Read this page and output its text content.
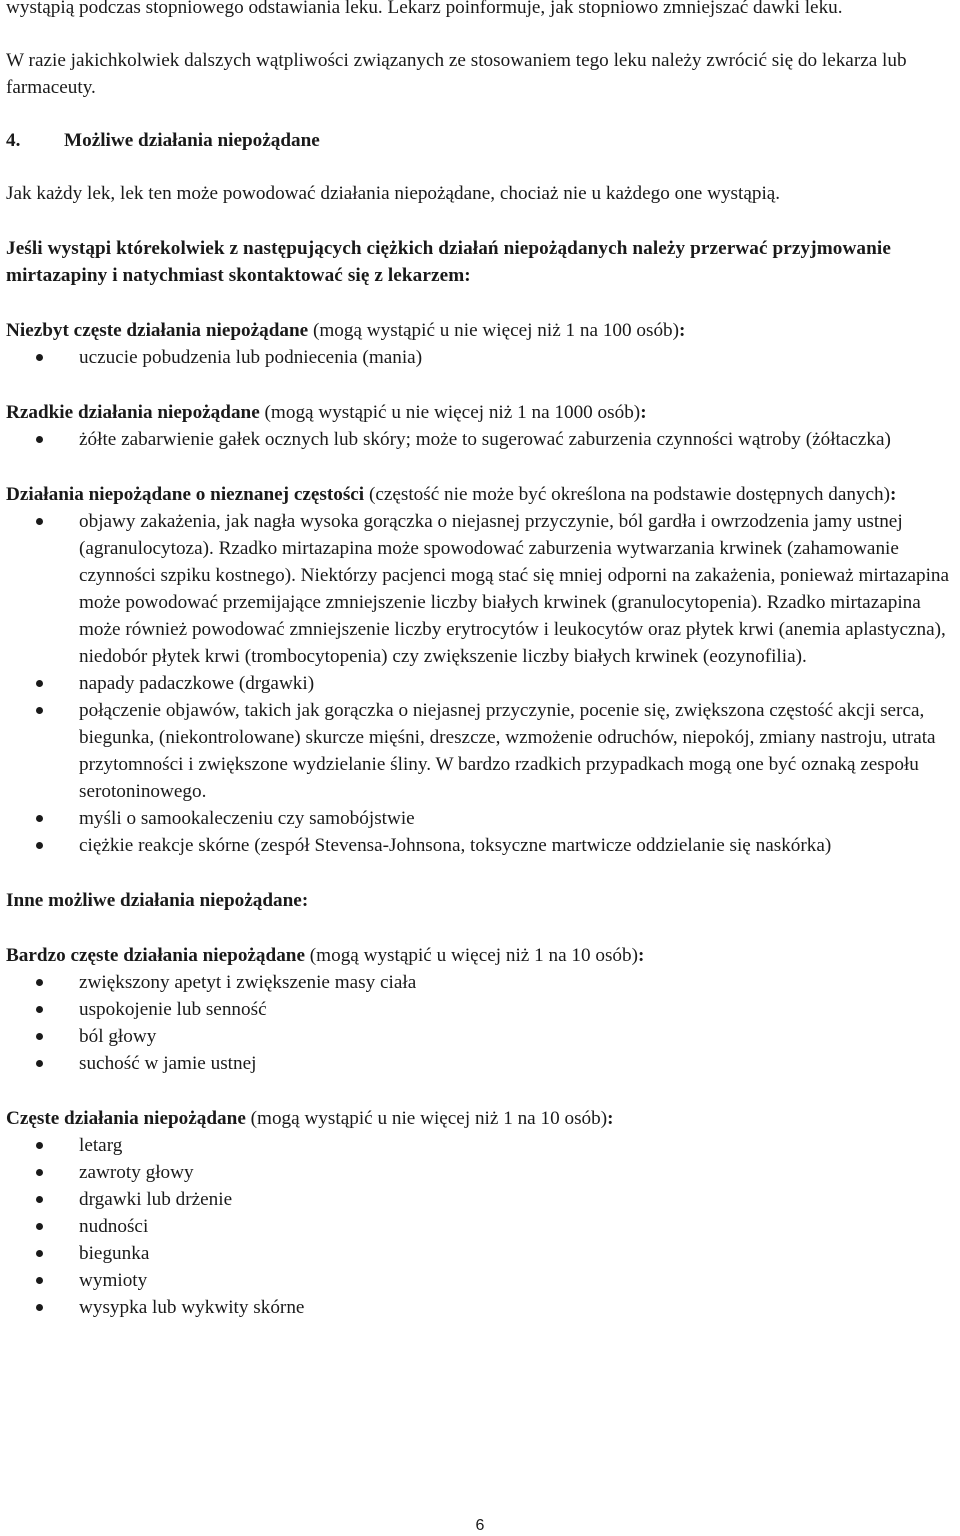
wystąpią podczas stopniowego odstawiania leku. Lekarz poinformuje, jak stopniowo zmniejszać dawki leku.

W razie jakichkolwiek dalszych wątpliwości związanych ze stosowaniem tego leku należy zwrócić się do lekarza lub farmaceuty.

4. Możliwe działania niepożądane

Jak każdy lek, lek ten może powodować działania niepożądane, chociaż nie u każdego one wystąpią.

Jeśli wystąpi którekolwiek z następujących ciężkich działań niepożądanych należy przerwać przyjmowanie mirtazapiny i natychmiast skontaktować się z lekarzem:

Niezbyt częste działania niepożądane (mogą wystąpić u nie więcej niż 1 na 100 osób):

uczucie pobudzenia lub podniecenia (mania)

Rzadkie działania niepożądane (mogą wystąpić u nie więcej niż 1 na 1000 osób):

żółte zabarwienie gałek ocznych lub skóry; może to sugerować zaburzenia czynności wątroby (żółtaczka)

Działania niepożądane o nieznanej częstości (częstość nie może być określona na podstawie dostępnych danych):

objawy zakażenia, jak nagła wysoka gorączka o niejasnej przyczynie, ból gardła i owrzodzenia jamy ustnej (agranulocytoza). Rzadko mirtazapina może spowodować zaburzenia wytwarzania krwinek (zahamowanie czynności szpiku kostnego). Niektórzy pacjenci mogą stać się mniej odporni na zakażenia, ponieważ mirtazapina może powodować przemijające zmniejszenie liczby białych krwinek (granulocytopenia). Rzadko mirtazapina może również powodować zmniejszenie liczby erytrocytów i leukocytów oraz płytek krwi (anemia aplastyczna), niedobór płytek krwi (trombocytopenia) czy zwiększenie liczby białych krwinek (eozynofilia).
napady padaczkowe (drgawki)
połączenie objawów, takich jak gorączka o niejasnej przyczynie, pocenie się, zwiększona częstość akcji serca, biegunka, (niekontrolowane) skurcze mięśni, dreszcze, wzmożenie odruchów, niepokój, zmiany nastroju, utrata przytomności i zwiększone wydzielanie śliny. W bardzo rzadkich przypadkach mogą one być oznaką zespołu serotoninowego.
myśli o samookaleczeniu czy samobójstwie
ciężkie reakcje skórne (zespół Stevensa-Johnsona, toksyczne martwicze oddzielanie się naskórka)

Inne możliwe działania niepożądane:

Bardzo częste działania niepożądane (mogą wystąpić u więcej niż 1 na 10 osób):

zwiększony apetyt i zwiększenie masy ciała
uspokojenie lub senność
ból głowy
suchość w jamie ustnej

Częste działania niepożądane (mogą wystąpić u nie więcej niż 1 na 10 osób):

letarg
zawroty głowy
drgawki lub drżenie
nudności
biegunka
wymioty
wysypka lub wykwity skórne
6
